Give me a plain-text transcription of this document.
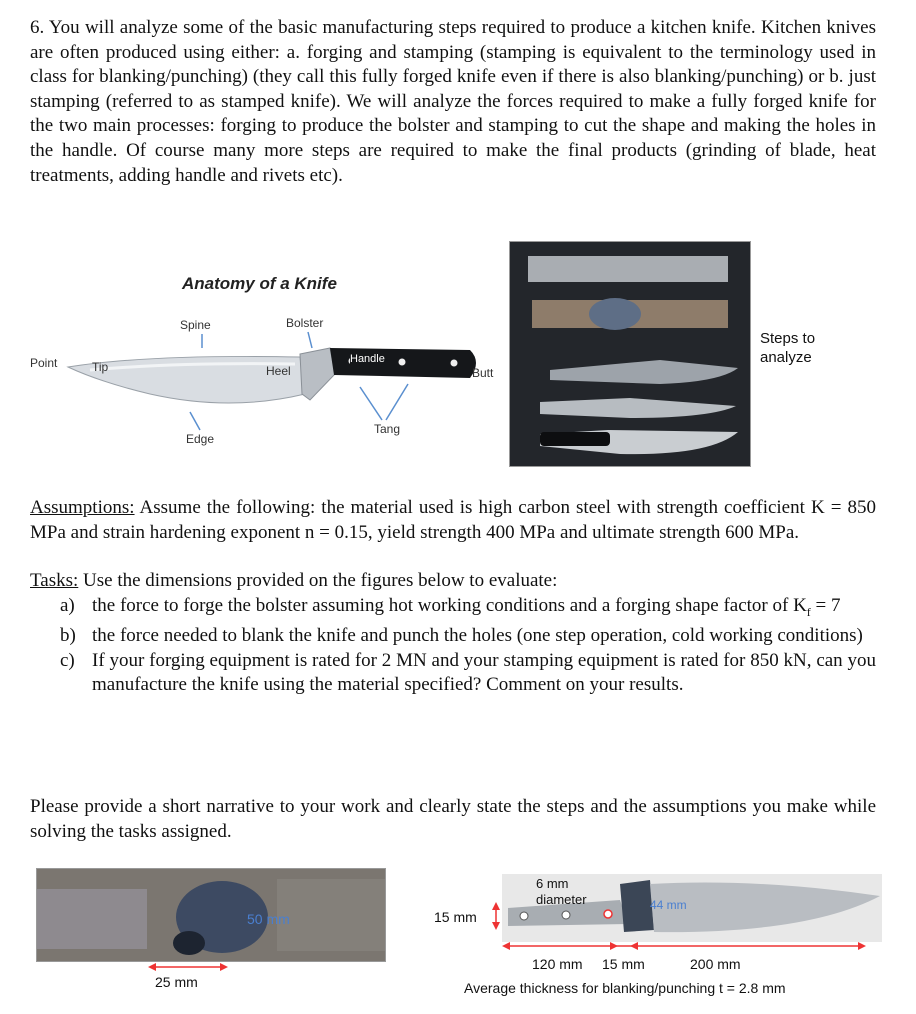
6. You will analyze some of the basic manufacturing steps required to produce a kitchen knife. Kitchen knives are often produced using either: a. forging and stamping (stamping is equivalent to the terminology used in class for blanking/punching) (they call this fully forged knife even if there is also blanking/punching) or b. just stamping (referred to as stamped knife). We will analyze the forces required to make a fully forged knife for the two main processes: forging to produce the bolster and stamping to cut the shape and making the holes in the handle. Of course many more steps are required to make the final products (grinding of blade, heat treatments, adding handle and rivets etc).
Anatomy of a Knife
Spine	Bolster
Point	Tip	Heel
Handle
Butt
Tang
Edge
Steps to analyze
Assumptions: Assume the following: the material used is high carbon steel with strength coefficient K = 850 MPa and strain hardening exponent n = 0.15, yield strength 400 MPa and ultimate strength 600 MPa.
Tasks: Use the dimensions provided on the figures below to evaluate:
a) the force to forge the bolster assuming hot working conditions and a forging shape factor of $K_f = 7$
b) the force needed to blank the knife and punch the holes (one step operation, cold working conditions)
c) If your forging equipment is rated for 2 MN and your stamping equipment is rated for 850 kN, can you manufacture the knife using the material specified? Comment on your results.
Please provide a short narrative to your work and clearly state the steps and the assumptions you make while solving the tasks assigned.
50 mm
25 mm
15 mm
6 mm diameter	44 mm
120 mm 15 mm	200 mm
Average thickness for blanking/punching t = 2.8 mm
